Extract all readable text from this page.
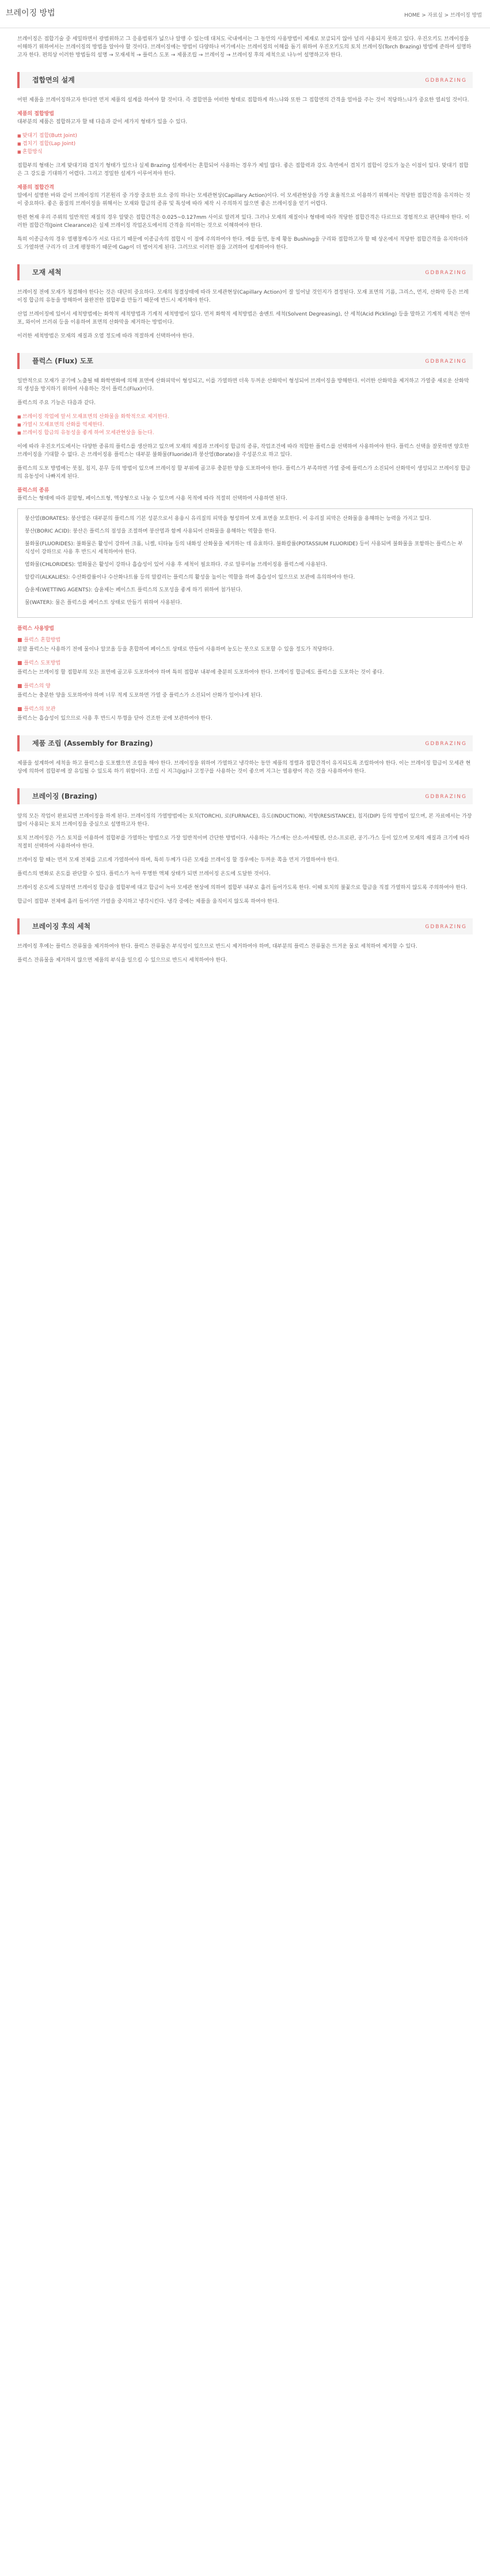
브레이징 방법	HOME > 자료실 > 브레이징 방법

브레이징은 접합기술 중 세밀하면서 광범위하고 그 응용범위가 넓으나 알맹 수 있는데 대처도 국내에서는 그 동안의 사용방법이 제재로 보급되지 않아 널리 사용되지 못하고 있다. 우진오키도 브레이징을 이해하기 위하여서는 브레이징의 방법을 알아야 할 것이다. 브레이징에는 방법이 다양하나 여기에서는 브레이징의 이해를 돕기 위하여 우진오키도의 토치 브레이징(Torch Brazing) 방법에 준하여 설명하고자 한다. 편의상 이러한 방법들의 설명 → 모재세척 → 플럭스 도포 → 제품조립 → 브레이징 → 브레이징 후의 세척으로 나누어 설명하고자 한다.

접합면의 설계	GDBRAZING

어떤 제품을 브레이징하고자 한다면 먼저 제품의 설계를 하여야 할 것이다. 즉 결합면을 어떠한 형태로 접합하게 하느냐와 또한 그 접합면의 간격을 얼마를 주는 것이 적당하느냐가 중요한 열쇠일 것이다.

제품의 접합방법

대부분의 제품은 접합하고자 할 때 다음과 같이 세가지 형태가 있을 수 있다.

■ 맞대기 접합(Butt Joint)
■ 겹치기 접합(Lap Joint)
■ 혼합방식

접합부의 형태는 크게 맞대기와 겹치기 형태가 있으나 실제 Brazing 설계에서는 혼합되어 사용하는 경우가 제일 많다. 좋은 접합력과 강도 측면에서 겹치기 접합이 강도가 높은 이점이 있다. 맞대기 접합은 그 강도를 기대하기 어렵다. 그리고 정밀한 설계가 이루어져야 한다.

제품의 접합간격

알에서 설명한 바와 같이 브레이징의 기본원리 중 가장 중요한 요소 중의 하나는 모세관현상(Capillary Action)이다. 이 모세관현상을 가장 효율적으로 이용하기 위해서는 적당한 접합간격을 유지하는 것이 중요하다. 좋은 품질의 브레이징을 위해서는 모재와 합금의 종류 및 특성에 따라 제작 시 주의하지 않으면 좋은 브레이징을 얻기 어렵다.

한편 현재 우리 주위의 일반적인 재질의 경우 알맞은 접합간격은 0.025~0.127mm 사이로 알려져 있다. 그러나 모재의 재질이나 형태에 따라 적당한 접합간격은 다르므로 경험적으로 판단해야 한다. 이러한 접합간격(Joint Clearance)은 실제 브레이징 작업온도에서의 간격을 의미하는 것으로 이해하여야 한다.

특히 이종금속의 경우 열팽창계수가 서로 다르기 때문에 이종금속의 접합시 이 점에 주의하여야 한다. 예를 들면, 동제 황동 Bushing을 구리와 접합하고자 할 때 상온에서 적당한 접합간격을 유지하더라도 가열하면 구리가 더 크게 팽창하기 때문에 Gap이 더 벌어지게 된다. 그러므로 이러한 점을 고려하여 설계하여야 한다.

모재 세척	GDBRAZING

브레이징 전에 모재가 청결해야 한다는 것은 대단히 중요하다. 모재의 청결상태에 따라 모세관현상(Capillary Action)이 잘 일어날 것인지가 결정된다. 모재 표면의 기름, 그리스, 먼지, 산화막 등은 브레이징 합금의 유동을 방해하여 불완전한 접합부를 만들기 때문에 반드시 제거해야 한다.

산업 브레이징에 있어서 세척방법에는 화학적 세척방법과 기계적 세척방법이 있다. 먼저 화학적 세척방법은 솔벤트 세척(Solvent Degreasing), 산 세척(Acid Pickling) 등을 말하고 기계적 세척은 연마포, 와이어 브러쉬 등을 이용하여 표면의 산화막을 제거하는 방법이다.

이러한 세척방법은 모재의 재질과 오염 정도에 따라 적절하게 선택하여야 한다.

플럭스 (Flux) 도포	GDBRAZING

일반적으로 모재가 공기에 노출될 때 화학변화에 의해 표면에 산화피막이 형성되고, 이를 가열하면 더욱 두꺼운 산화막이 형성되어 브레이징을 방해한다. 이러한 산화막을 제거하고 가열중 새로운 산화막의 생성을 방지하기 위하여 사용하는 것이 플럭스(Flux)이다.

플럭스의 주요 기능은 다음과 같다.

■ 브레이징 작업에 앞서 모재표면의 산화물을 화학적으로 제거한다.
■ 가열시 모재표면의 산화를 억제한다.
■ 브레이징 합금의 유동성을 좋게 하여 모세관현상을 돕는다.

이에 따라 우진오키도에서는 다양한 종류의 플럭스를 생산하고 있으며 모재의 재질과 브레이징 합금의 종류, 작업조건에 따라 적합한 플럭스를 선택하여 사용하여야 한다. 플럭스 선택을 잘못하면 양호한 브레이징을 기대할 수 없다. 은 브레이징용 플럭스는 대부분 불화물(Fluoride)과 붕산염(Borate)을 주성분으로 하고 있다.

플럭스의 도포 방법에는 붓칠, 침지, 분무 등의 방법이 있으며 브레이징 할 부위에 골고루 충분한 양을 도포하여야 한다. 플럭스가 부족하면 가열 중에 플럭스가 소진되어 산화막이 생성되고 브레이징 합금의 유동성이 나빠지게 된다.

플럭스의 종류

플럭스는 형태에 따라 분말형, 페이스트형, 액상형으로 나눌 수 있으며 사용 목적에 따라 적절히 선택하여 사용하면 된다.

붕산염(BORATES): 붕산염은 대부분의 플럭스의 기본 성분으로서 용융시 유리질의 피막을 형성하여 모재 표면을 보호한다. 이 유리질 피막은 산화물을 용해하는 능력을 가지고 있다.

붕산(BORIC ACID): 붕산은 플럭스의 점성을 조절하며 붕산염과 함께 사용되어 산화물을 용해하는 역할을 한다.

불화물(FLUORIDES): 불화물은 활성이 강하여 크롬, 니켈, 티타늄 등의 내화성 산화물을 제거하는 데 유효하다. 불화칼륨(POTASSIUM FLUORIDE) 등이 사용되며 불화물을 포함하는 플럭스는 부식성이 강하므로 사용 후 반드시 세척하여야 한다.

염화물(CHLORIDES): 염화물은 활성이 강하나 흡습성이 있어 사용 후 세척이 필요하다. 주로 알루미늄 브레이징용 플럭스에 사용된다.

알칼리(ALKALIES): 수산화칼륨이나 수산화나트륨 등의 알칼리는 플럭스의 활성을 높이는 역할을 하며 흡습성이 있으므로 보관에 유의하여야 한다.

습윤제(WETTING AGENTS): 습윤제는 페이스트 플럭스의 도포성을 좋게 하기 위하여 첨가된다.

물(WATER): 물은 플럭스를 페이스트 상태로 만들기 위하여 사용된다.

플럭스 사용방법
■ 플럭스 혼합방법

분말 플럭스는 사용하기 전에 물이나 알코올 등을 혼합하여 페이스트 상태로 만들어 사용하며 농도는 붓으로 도포할 수 있을 정도가 적당하다.

■ 플럭스 도포방법

플럭스는 브레이징 할 접합부의 모든 표면에 골고루 도포하여야 하며 특히 접합부 내부에 충분히 도포하여야 한다. 브레이징 합금에도 플럭스를 도포하는 것이 좋다.

■ 플럭스의 양

플럭스는 충분한 양을 도포하여야 하며 너무 적게 도포하면 가열 중 플럭스가 소진되어 산화가 일어나게 된다.

■ 플럭스의 보관

플럭스는 흡습성이 있으므로 사용 후 반드시 뚜껑을 닫아 건조한 곳에 보관하여야 한다.

제품 조립 (Assembly for Brazing)	GDBRAZING

제품을 설계하여 세척을 하고 플럭스를 도포했으면 조립을 해야 한다. 브레이징을 위하여 가열하고 냉각하는 동안 제품의 정렬과 접합간격이 유지되도록 조립하여야 한다. 이는 브레이징 합금이 모세관 현상에 의하여 접합부에 잘 유입될 수 있도록 하기 위함이다. 조립 시 지그(Jig)나 고정구를 사용하는 것이 좋으며 지그는 열용량이 작은 것을 사용하여야 한다.

브레이징 (Brazing)	GDBRAZING

앞의 모든 작업이 완료되면 브레이징을 하게 된다. 브레이징의 가열방법에는 토치(TORCH), 로(FURNACE), 유도(INDUCTION), 저항(RESISTANCE), 침지(DIP) 등의 방법이 있으며, 본 자료에서는 가장 많이 사용되는 토치 브레이징을 중심으로 설명하고자 한다.

토치 브레이징은 가스 토치를 이용하여 접합부를 가열하는 방법으로 가장 일반적이며 간단한 방법이다. 사용하는 가스에는 산소-아세틸렌, 산소-프로판, 공기-가스 등이 있으며 모재의 재질과 크기에 따라 적절히 선택하여 사용하여야 한다.

브레이징 할 때는 먼저 모재 전체를 고르게 가열하여야 하며, 특히 두께가 다른 모재를 브레이징 할 경우에는 두꺼운 쪽을 먼저 가열하여야 한다.

플럭스의 변화로 온도를 판단할 수 있다. 플럭스가 녹아 투명한 액체 상태가 되면 브레이징 온도에 도달한 것이다.

브레이징 온도에 도달하면 브레이징 합금을 접합부에 대고 합금이 녹아 모세관 현상에 의하여 접합부 내부로 흘러 들어가도록 한다. 이때 토치의 불꽃으로 합금을 직접 가열하지 않도록 주의하여야 한다.

합금이 접합부 전체에 흘러 들어가면 가열을 중지하고 냉각시킨다. 냉각 중에는 제품을 움직이지 않도록 하여야 한다.

브레이징 후의 세척	GDBRAZING

브레이징 후에는 플럭스 잔류물을 제거하여야 한다. 플럭스 잔류물은 부식성이 있으므로 반드시 제거하여야 하며, 대부분의 플럭스 잔류물은 뜨거운 물로 세척하여 제거할 수 있다.

플럭스 잔류물을 제거하지 않으면 제품의 부식을 일으킬 수 있으므로 반드시 세척하여야 한다.
